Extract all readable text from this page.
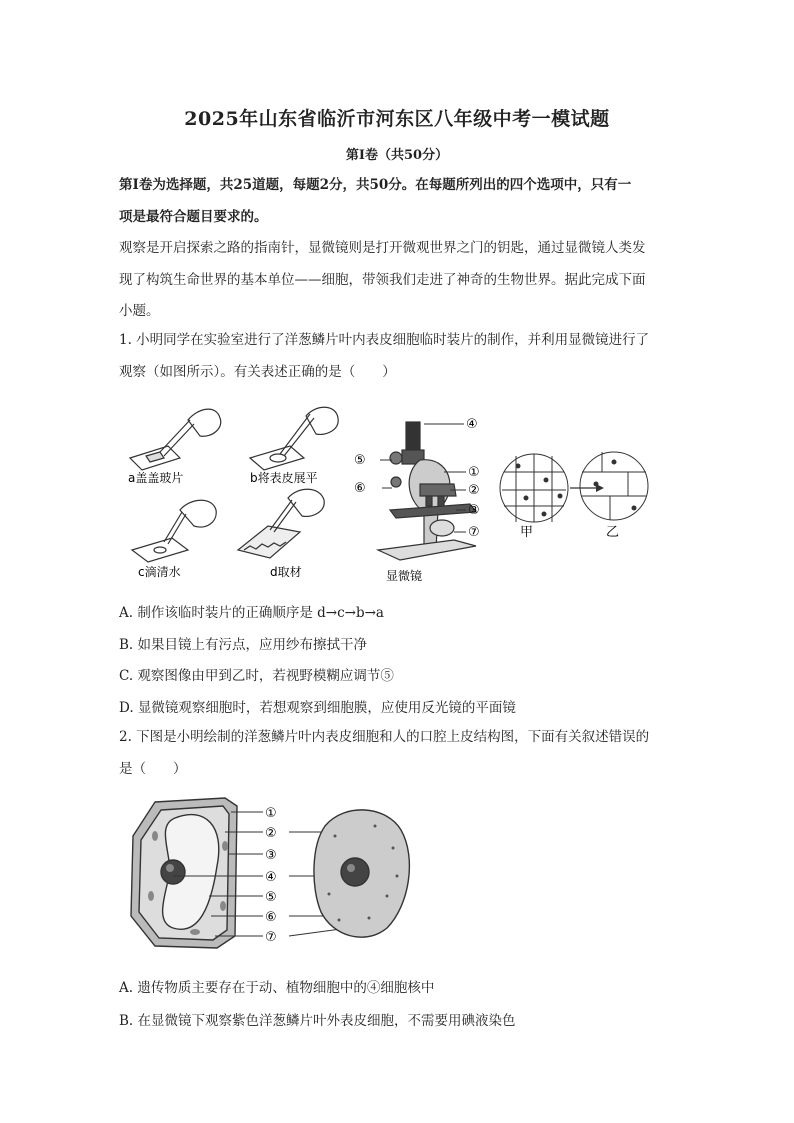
2025年山东省临沂市河东区八年级中考一模试题
第Ⅰ卷（共50分）
第Ⅰ卷为选择题，共25道题，每题2分，共50分。在每题所列出的四个选项中，只有一
项是最符合题目要求的。
观察是开启探索之路的指南针，显微镜则是打开微观世界之门的钥匙，通过显微镜人类发
现了构筑生命世界的基本单位——细胞，带领我们走进了神奇的生物世界。据此完成下面
小题。
1. 小明同学在实验室进行了洋葱鳞片叶内表皮细胞临时装片的制作，并利用显微镜进行了
观察（如图所示）。有关表述正确的是（　　）
a盖盖玻片	b将表皮展平
c滴清水	d取材	显微镜
④
⑤
①
⑥	②
③
⑦	甲	乙
A. 制作该临时装片的正确顺序是 d→c→b→a
B. 如果目镜上有污点，应用纱布擦拭干净
C. 观察图像由甲到乙时，若视野模糊应调节⑤
D. 显微镜观察细胞时，若想观察到细胞膜，应使用反光镜的平面镜
2. 下图是小明绘制的洋葱鳞片叶内表皮细胞和人的口腔上皮结构图，下面有关叙述错误的
是（　　）
①
②
③
④
⑤
⑥
⑦
A. 遗传物质主要存在于动、植物细胞中的④细胞核中
B. 在显微镜下观察紫色洋葱鳞片叶外表皮细胞，不需要用碘液染色
